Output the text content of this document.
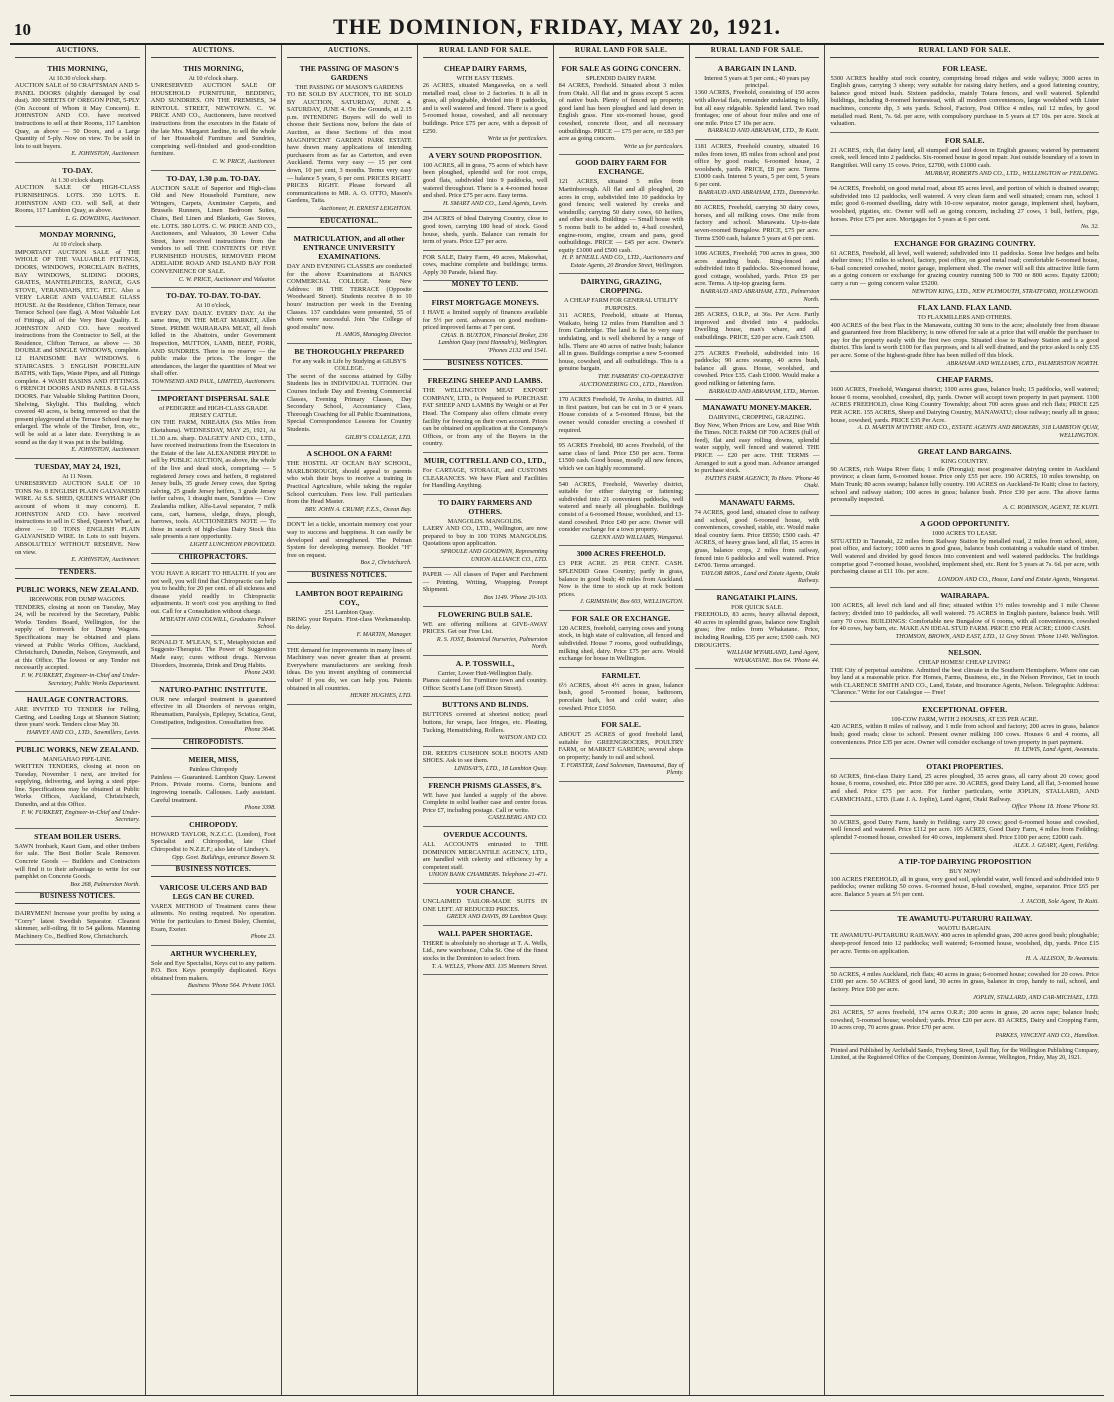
10	THE DOMINION, FRIDAY, MAY 20, 1921.
AUCTIONS.
THIS MORNING,
At 10.30 o'clock sharp.

AUCTION SALE of 50 CRAFTSMAN AND 5-PANEL DOORS (slightly damaged by coal dust). 300 SHEETS OF OREGON PINE, 5-PLY (On Account of Whom it May Concern). E. JOHNSTON AND CO. have received instructions to sell at their Rooms, 117 Lambton Quay, as above — 50 Doors, and a Large Quantity of 5-ply. Now on view. To be sold in lots to suit buyers.

E. JOHNSTON, Auctioneer.
TO-DAY.
At 1.30 o'clock sharp.

AUCTION SALE OF HIGH-CLASS FURNISHINGS. LOTS. 350 LOTS. E. JOHNSTON AND CO. will Sell, at their Rooms, 117 Lambton Quay, as above.

L. G. DOWDING, Auctioneer.
MONDAY MORNING,
At 10 o'clock sharp.

IMPORTANT AUCTION SALE of THE WHOLE OF THE VALUABLE FITTINGS, DOORS, WINDOWS, PORCELAIN BATHS, BAY WINDOWS, SLIDING DOORS, GRATES, MANTELPIECES, RANGE, GAS STOVE, VERANDAHS, ETC. ETC. Also a VERY LARGE AND VALUABLE GLASS HOUSE. At the Residence, Clifton Terrace, near Terrace School (see flag). A Most Valuable Lot of Fittings, all of the Very Best Quality. E. JOHNSTON AND CO. have received instructions from the Contractor to Sell, at the Residence, Clifton Terrace, as above — 30 DOUBLE and SINGLE WINDOWS, complete. 12 HANDSOME BAY WINDOWS. 6 STAIRCASES. 3 ENGLISH PORCELAIN BATHS, with Taps, Waste Pipes, and all Fittings complete. 4 WASH BASINS AND FITTINGS. 6 FRENCH DOORS AND PANELS. 8 GLASS DOORS. Fair Valuable Sliding Partition Doors, Shelving, Skylight. This Building, which covered 40 acres, is being removed so that the present playground at the Terrace School may be enlarged. The whole of the Timber, Iron, etc., will be sold at a later date. Everything is as sound as the day it was put in the building.

E. JOHNSTON, Auctioneer.
TUESDAY, MAY 24, 1921,
At 11 Noon.

UNRESERVED AUCTION SALE OF 10 TONS No. 8 ENGLISH PLAIN GALVANISED WIRE. At S.S. SHED, QUEEN'S WHARF (On account of whom it may concern). E. JOHNSTON AND CO. have received instructions to sell in C Shed, Queen's Wharf, as above — 10 TONS ENGLISH PLAIN GALVANISED WIRE. In Lots to suit buyers. ABSOLUTELY WITHOUT RESERVE. Now on view.

E. JOHNSTON, Auctioneer.
TENDERS.
PUBLIC WORKS, NEW ZEALAND.
IRONWORK FOR DUMP WAGONS.

TENDERS, closing at noon on Tuesday, May 24, will be received by the Secretary, Public Works Tenders Board, Wellington, for the supply of Ironwork for Dump Wagons. Specifications may be obtained and plans viewed at Public Works Offices, Auckland, Christchurch, Dunedin, Nelson, Greymouth, and at this Office. The lowest or any Tender not necessarily accepted.

F. W. FURKERT, Engineer-in-Chief and Under-Secretary, Public Works Department.
HAULAGE CONTRACTORS.

ARE INVITED TO TENDER for Felling, Carting, and Loading Logs at Shannon Station; three years' work. Tenders close May 30.

HARVEY AND CO., LTD., Sawmillers, Levin.
PUBLIC WORKS, NEW ZEALAND.
MANGAHAO PIPE-LINE.

WRITTEN TENDERS, closing at noon on Tuesday, November 1 next, are invited for supplying, delivering, and laying a steel pipe-line. Specifications may be obtained at Public Works Offices, Auckland, Christchurch, Dunedin, and at this Office.

F. W. FURKERT, Engineer-in-Chief and Under-Secretary.
STEAM BOILER USERS.

SAWN Ironbark, Kauri Gum, and other timbers for sale. The Best Boiler Scale Remover. Concrete Goods — Builders and Contractors will find it to their advantage to write for our pamphlet on Concrete Goods.

Box 268, Palmerston North.
BUSINESS NOTICES.

DAIRYMEN! Increase your profits by using a "Corry" latest Swedish Separator. Cleanest skimmer, self-oiling, fit to 54 gallons. Manning Machinery Co., Bedford Row, Christchurch.

AUCTIONS.
THIS MORNING,
At 10 o'clock sharp.

UNRESERVED AUCTION SALE OF HOUSEHOLD FURNITURE, BEDDING, AND SUNDRIES. ON THE PREMISES, 34 RINTOUL STREET, NEWTOWN. C. W. PRICE AND CO., Auctioneers, have received instructions from the executors in the Estate of the late Mrs. Margaret Jardine, to sell the whole of her Household Furniture and Sundries, comprising well-finished and good-condition furniture.

C. W. PRICE, Auctioneer.
TO-DAY, 1.30 p.m. TO-DAY.

AUCTION SALE of Superior and High-class Old and New Household Furniture, new Wringers, Carpets, Axminster Carpets, and Brussels Runners, Linen Bedroom Suites, Chairs, Bed Linen and Blankets, Gas Stoves, etc. LOTS. 380 LOTS. C. W. PRICE AND CO., Auctioneers, and Valuators, 30 Lower Cuba Street, have received instructions from the vendors to sell THE CONTENTS OF FIVE FURNISHED HOUSES, REMOVED FROM ADELAIDE ROAD AND ISLAND BAY FOR CONVENIENCE OF SALE.

C. W. PRICE, Auctioneer and Valuator.
TO-DAY. TO-DAY. TO-DAY.
At 10 o'clock,

EVERY DAY. DAILY. EVERY DAY. At the same time, IN THE MEAT MARKET, Allen Street. PRIME WAIRARAPA MEAT, all fresh killed in the Abattoirs, under Government Inspection, MUTTON, LAMB, BEEF, PORK, AND SUNDRIES. There is no reserve — the public make the prices. The longer the attendances, the larger the quantities of Meat we shall offer.

TOWNSEND AND PAUL, LIMITED, Auctioneers.
IMPORTANT DISPERSAL SALE
of PEDIGREE and HIGH-CLASS GRADE JERSEY CATTLE.

ON THE FARM, NIREAHA (Six Miles from Eketahuna). WEDNESDAY, MAY 25, 1921, At 11.30 a.m. sharp. DALGETY AND CO., LTD., have received instructions from the Executors in the Estate of the late ALEXANDER PRYDE to sell by PUBLIC AUCTION, as above, the whole of the live and dead stock, comprising — 5 registered Jersey cows and heifers, 8 registered Jersey bulls, 35 grade Jersey cows, due Spring calving, 25 grade Jersey heifers, 3 grade Jersey heifer calves, 1 draught mare, Sundries — Cow Zealandia milker, Alfa-Laval separator, 7 milk cans, cart, harness, sledge, drays, plough, harrows, tools. AUCTIONEER'S NOTE — To those in search of high-class Dairy Stock this sale presents a rare opportunity.

LIGHT LUNCHEON PROVIDED.
CHIROPRACTORS.

YOU HAVE A RIGHT TO HEALTH. If you are not well, you will find that Chiropractic can help you to health; for 20 per cent. of all sickness and disease yield readily to Chiropractic adjustments. It won't cost you anything to find out. Call for a Consultation without charge.

M'BEATH AND COLWILL, Graduates Palmer School.

RONALD T. M'LEAN, S.T., Metaphysician and Suggesto-Therapist. The Power of Suggestion Made easy; cures without drugs. Nervous Disorders, Insomnia, Drink and Drug Habits.

Phone 2430.
NATURO-PATHIC INSTITUTE.

OUR new enlarged treatment is guaranteed effective in all Disorders of nervous origin, Rheumatism, Paralysis, Epilepsy, Sciatica, Gout, Constipation, Indigestion. Consultation free.

Phone 3646.
CHIROPODISTS.
MEIER, MISS,
Painless Chiropody

Painless — Guaranteed. Lambton Quay. Lowest Prices. Private rooms. Corns, bunions and ingrowing toenails. Callouses. Lady assistant. Careful treatment.

Phone 3398.
CHIROPODY.

HOWARD TAYLOR, N.Z.C.C. (London), Foot Specialist and Chiropodist, late Chief Chiropodist to N.Z.E.F.; also late of Lindsey's.

Opp. Govt. Buildings, entrance Bowen St.
BUSINESS NOTICES.
VARICOSE ULCERS AND BAD LEGS CAN BE CURED.

VAREX METHOD of Treatment cures these ailments. No resting required. No operation. Write for particulars to Ernest Bisley, Chemist, Exam, Exeter.

Phone 23.
ARTHUR WYCHERLEY,

Sole and Eye Specialist, Keys cut to any pattern. P.O. Box Keys promptly duplicated. Keys obtained from makers.

Business 'Phone 564. Private 1063.
AUCTIONS.
THE PASSING OF MASON'S GARDENS
THE PASSING OF MASON'S GARDENS

TO BE SOLD BY AUCTION, TO BE SOLD BY AUCTION, SATURDAY, JUNE 4. SATURDAY, JUNE 4. On the Grounds, at 2.15 p.m. INTENDING Buyers will do well to choose their Sections now, before the date of Auction, as these Sections of this most MAGNIFICENT GARDEN PARK ESTATE have drawn many applications of intending purchasers from as far as Carterton, and even Auckland. Terms very easy — 15 per cent down, 10 per cent, 3 months. Terms very easy — balance 5 years, 6 per cent. PRICES RIGHT. PRICES RIGHT. Please forward all communications to MR. A. O. OTTO, Mason's Gardens, Taita.

Auctioneer, H. ERNEST LEIGHTON.
EDUCATIONAL.
MATRICULATION, and all other ENTRANCE UNIVERSITY EXAMINATIONS.

DAY AND EVENING CLASSES are conducted for the above Examinations at BANKS COMMERCIAL COLLEGE. Note New Address: 86 THE TERRACE (Opposite Woodward Street). Students receive 8 to 10 hours' instruction per week in the Evening Classes. 137 candidates were presented, 55 of whom were successful. Join "the College of good results" now.

H. AMOS, Managing Director.
BE THOROUGHLY PREPARED
For any walk in Life by Studying at GILBY'S COLLEGE.

The secret of the success attained by Gilby Students lies in INDIVIDUAL TUITION. Our Courses include Day and Evening Commercial Classes, Evening Primary Classes, Day Secondary School, Accountancy Class, Thorough Coaching for all Public Examinations, Special Correspondence Lessons for Country Students.

GILBY'S COLLEGE, LTD.
A SCHOOL ON A FARM!

THE HOSTEL AT OCEAN BAY SCHOOL, MARLBOROUGH, should appeal to parents who wish their boys to receive a training in Practical Agriculture, while taking the regular School curriculum. Fees low. Full particulars from the Head Master.

BRY. JOHN A. CRUMP, F.Z.S., Ocean Bay.

DON'T let a tickle, uncertain memory cost your way to success and happiness. It can easily be developed and strengthened. The Pelman System for developing memory. Booklet "H" free on request.

Box 2, Christchurch.
BUSINESS NOTICES.
LAMBTON BOOT REPAIRING COY.,
251 Lambton Quay.

BRING your Repairs. First-class Workmanship. No delay.

F. MARTIN, Manager.

THE demand for improvements in many lines of Machinery was never greater than at present. Everywhere manufacturers are seeking fresh ideas. Do you invent anything of commercial value? If you do, we can help you. Patents obtained in all countries.

HENRY HUGHES, LTD.
RURAL LAND FOR SALE.
CHEAP DAIRY FARMS,
WITH EASY TERMS.

26 ACRES, situated Mangaweka, on a well metalled road, close to 2 factories. It is all in grass, all ploughable, divided into 8 paddocks, and is well watered and fenced. There is a good 5-roomed house, cowshed, and all necessary buildings. Price £75 per acre, with a deposit of £250.

Write us for particulars.
A VERY SOUND PROPOSITION.

100 ACRES, all in grass, 75 acres of which have been ploughed, splendid soil for root crops, good flats, subdivided into 9 paddocks, well watered throughout. There is a 4-roomed house and shed. Price £75 per acre. Easy terms.

H. SMART AND CO., Land Agents, Levin.

204 ACRES of Ideal Dairying Country, close to good town, carrying 180 head of stock. Good house, sheds, yards. Balance can remain for term of years. Price £27 per acre.

FOR SALE, Dairy Farm, 49 acres, Makowhai, cows, machine complete and buildings; terms. Apply 30 Parade, Island Bay.

MONEY TO LEND.
FIRST MORTGAGE MONEYS.

I HAVE a limited supply of finances available for 5½ per cent. advances on good medium-priced improved farms at 7 per cent.

CHAS. B. BUXTON, Financial Broker, 236 Lambton Quay (next Hannah's), Wellington. 'Phones 2132 and 1541.
BUSINESS NOTICES.
FREEZING SHEEP AND LAMBS.

THE WELLINGTON MEAT EXPORT COMPANY, LTD., is Prepared to PURCHASE FAT SHEEP AND LAMBS By Weight or at Per Head. The Company also offers climate every facility for freezing on their own account. Prices can be obtained on application at the Company's Offices, or from any of the Buyers in the country.

MUIR, COTTRELL AND CO., LTD.,

For CARTAGE, STORAGE, and CUSTOMS CLEARANCES. We have Plant and Facilities for Handling Anything.

TO DAIRY FARMERS AND OTHERS.
MANGOLDS. MANGOLDS.

LAERY AND CO., LTD., Wellington, are now prepared to buy in 100 TONS MANGOLDS. Quotations upon application.

SPROULE AND GOODWIN, Representing UNION ALLIANCE CO., LTD.

PAPER — All classes of Paper and Parchment — Printing, Writing, Wrapping. Prompt Shipment.

Box 1149. 'Phone 20-103.
FLOWERING BULB SALE.

WE are offering millions at GIVE-AWAY PRICES. Get our Free List.

R. S. JOST, Botanical Nurseries, Palmerston North.
A. P. TOSSWILL,
Carrier, Lower Hutt-Wellington Daily.

Pianos catered for. Furniture town and country. Office: Scott's Lane (off Dixon Street).

BUTTONS AND BLINDS.

BUTTONS covered at shortest notice; pearl buttons, fur wraps, lace fringes, etc. Pleating, Tucking, Hemstitching, Rollers.

WATSON AND CO.

DR. REED'S CUSHION SOLE BOOTS AND SHOES. Ask to see them.

LINDSAY'S, LTD., 18 Lambton Quay.
FRENCH PRISMS GLASSES, 8's.

WE have just landed a supply of the above. Complete in solid leather case and centre focus. Price £7, including postage. Call or write.

CASELBERG AND CO.
OVERDUE ACCOUNTS.

ALL ACCOUNTS entrusted to THE DOMINION MERCANTILE AGENCY, LTD., are handled with celerity and efficiency by a competent staff.

UNION BANK CHAMBERS. Telephone 21-471.
YOUR CHANCE.

UNCLAIMED TAILOR-MADE SUITS IN ONE LEFT. AT REDUCED PRICES.

GREEN AND DAVIS, 89 Lambton Quay.
WALL PAPER SHORTAGE.

THERE is absolutely no shortage at T. A. Wells, Ltd., new warehouse, Cuba St. One of the finest stocks in the Dominion to select from.

T. A. WELLS, 'Phone 883. 135 Manners Street.
RURAL LAND FOR SALE.
FOR SALE AS GOING CONCERN.
SPLENDID DAIRY FARM.

84 ACRES, Freehold. Situated about 3 miles from Otaki. All flat and in grass except 5 acres of native bush. Plenty of fenced up property; good land has been ploughed and laid down in English grass. Fine six-roomed house, good cowshed, concrete floor, and all necessary outbuildings. PRICE — £75 per acre, or £83 per acre as going concern.

Write us for particulars.
GOOD DAIRY FARM FOR EXCHANGE.

121 ACRES, situated 5 miles from Martinborough. All flat and all ploughed, 20 acres in crop, subdivided into 10 paddocks by good fences; well watered by creeks and windmills; carrying 50 dairy cows, 60 heifers, and other stock. Buildings — Small house with 5 rooms built to be added to, 4-bail cowshed, engine-room, engine, cream and pans, good outbuildings. PRICE — £45 per acre. Owner's equity £1000 and £500 cash.

H. P. M'NEILL AND CO., LTD., Auctioneers and Estate Agents, 20 Brandon Street, Wellington.
DAIRYING, GRAZING, CROPPING.
A CHEAP FARM FOR GENERAL UTILITY PURPOSES.

311 ACRES, Freehold, situate at Hunua, Waikato, being 12 miles from Hamilton and 3 from Cambridge. The land is flat to very easy undulating, and is well sheltered by a range of hills. There are 40 acres of native bush; balance all in grass. Buildings comprise a new 5-roomed house, cowshed, and all outbuildings. This is a genuine bargain.

THE FARMERS' CO-OPERATIVE AUCTIONEERING CO., LTD., Hamilton.

170 ACRES Freehold, Te Aroha, in district. All in first pasture, but can be cut in 3 or 4 years. House consists of a 5-roomed House, but the owner would consider erecting a cowshed if required.

95 ACRES Freehold, 80 acres Freehold, of the same class of land. Price £50 per acre. Terms £1500 cash. Good house, mostly all new fences, which we can highly recommend.

540 ACRES, Freehold, Waverley district, suitable for either dairying or fattening; subdivided into 21 convenient paddocks, well watered and nearly all ploughable. Buildings consist of a 6-roomed House, woolshed, and 13-stand cowshed. Price £40 per acre. Owner will consider exchange for a town property.

GLENN AND WILLIAMS, Wanganui.
3000 ACRES FREEHOLD.

£3 PER ACRE. 25 PER CENT. CASH. SPLENDID Grass Country; partly in grass, balance in good bush; 40 miles from Auckland. Now is the time to stock up at rock bottom prices.

J. GRIMSHAW, Box 603, WELLINGTON.
FOR SALE OR EXCHANGE.

120 ACRES, freehold, carrying cows and young stock, in high state of cultivation, all fenced and subdivided. House 7 rooms, good outbuildings, milking shed, dairy. Price £75 per acre. Would exchange for house in Wellington.

FARMLET.

6½ ACRES, about 4½ acres in grass, balance bush, good 5-roomed house, bathroom, porcelain bath, hot and cold water; also cowshed. Price £1050.

FOR SALE.

ABOUT 25 ACRES of good freehold land, suitable for GREENGROCERS, POULTRY FARM, or MARKET GARDEN; several shops on property; handy to rail and school.

T. FORSTER, Land Salesman, Taumaunui, Bay of Plenty.
RURAL LAND FOR SALE.
A BARGAIN IN LAND.
Interest 5 years at 5 per cent.; 40 years pay principal.

1360 ACRES, Freehold, consisting of 150 acres with alluvial flats, remainder undulating to hilly, but all easy ridgeable. Splendid land. Two road frontages; one of about four miles and one of one mile. Price £7 10s per acre.

BARRAUD AND ABRAHAM, LTD., Te Kuiti.

1181 ACRES, Freehold country, situated 16 miles from town, 85 miles from school and post office by good roads; 6-roomed house, 2 woolsheds, yards. PRICE, £8 per acre. Terms £1000 cash. Interest 5 years, 5 per cent, 5 years 6 per cent.

BARRAUD AND ABRAHAM, LTD., Dannevirke.

80 ACRES, Freehold, carrying 30 dairy cows, horses, and all milking cows. One mile from factory and school. Manawatu. Up-to-date seven-roomed Bungalow. PRICE, £75 per acre. Terms £500 cash, balance 5 years at 6 per cent.

1096 ACRES, Freehold; 700 acres in grass, 300 acres standing bush. Ring-fenced and subdivided into 8 paddocks. Six-roomed house, good cottage, woolshed, yards. Price £9 per acre. Terms. A tip-top grazing farm.

BARRAUD AND ABRAHAM, LTD., Palmerston North.

285 ACRES, O.R.P., at 36s. Per Acre. Partly improved and divided into 4 paddocks. Dwelling house, man's whare, and all outbuildings. PRICE, £20 per acre. Cash £500.

275 ACRES Freehold, subdivided into 16 paddocks; 90 acres swamp, 40 acres bush, balance all grass. House, woolshed, and cowshed. Price £35. Cash £1000. Would make a good milking or fattening farm.

BARRAUD AND ABRAHAM, LTD., Marton.
MANAWATU MONEY-MAKER.
DAIRYING, CROPPING, GRAZING.

Buy Now, When Prices are Low, and Rise With the Times. NICE FARM OF 700 ACRES (full of feed), flat and easy rolling downs, splendid water supply, well fenced and watered. THE PRICE — £20 per acre. THE TERMS — Arranged to suit a good man. Advance arranged to purchase stock.

FAITH'S FARM AGENCY, To Horo. 'Phone 46 Otaki.
MANAWATU FARMS.

74 ACRES, good land, situated close to railway and school, good 6-roomed house, with conveniences, cowshed, stable, etc. Would make ideal country farm. Price £8550; £500 cash. 47 ACRES, of heavy grass land, all flat, 15 acres in grass, balance crops, 2 miles from railway, fenced into 6 paddocks and well watered. Price £4700. Terms arranged.

TAYLOR BROS., Land and Estate Agents, Otaki Railway.
RANGATAIKI PLAINS.
FOR QUICK SALE.

FREEHOLD, 83 acres, heavy alluvial deposit, 40 acres in splendid grass, balance now English grass; five miles from Whakatane. Price, including Roading, £35 per acre; £500 cash. NO DROUGHTS.

WILLIAM M'FARLAND, Land Agent, WHAKATANE. Box 64. 'Phone 44.
RURAL LAND FOR SALE.
FOR LEASE.

5300 ACRES healthy stud rock country, comprising broad ridges and wide valleys; 3000 acres in English grass, carrying 3 sheep; very suitable for raising dairy heifers, and a good fattening country, balance good mixed bush. Sixteen paddocks, mainly Totara fences, and well watered. Splendid buildings, including 8-roomed homestead, with all modern conveniences, large woolshed with Lister machines, concrete dip, 3 sets yards. School, Factory, Post Office 4 miles, rail 12 miles, by good metalled road. Rent, 7s. 6d. per acre, with compulsory purchase in 5 years at £7 10s. per acre. Stock at valuation.

FOR SALE.

21 ACRES, rich, flat dairy land, all stumped and laid down in English grasses; watered by permanent creek, well fenced into 2 paddocks. Six-roomed house in good repair. Just outside boundary of a town in Rangitikei. Will carry 15 cows. Price, £2700, with £1000 cash.

MURRAY, ROBERTS AND CO., LTD., WELLINGTON or FEILDING.

94 ACRES, Freehold, on good metal road, about 85 acres level, and portion of which is drained swamp; subdivided into 12 paddocks, well watered. A very clean farm and well situated; cream run, school 1 mile; good 6-roomed dwelling, dairy with 10-cow separator, motor garage, implement shed, haybarn, woolshed, pigsties, etc. Owner will sell as going concern, including 27 cows, 1 bull, heifers, pigs, horses. Price £75 per acre. Mortgages for 5 years at 6 per cent.

No. 32.
EXCHANGE FOR GRAZING COUNTRY.

61 ACRES, Freehold, all level, well watered; subdivided into 11 paddocks. Some live hedges and belts shelter trees; 1½ miles to school, factory, post office, on good metal road; comfortable 6-roomed house, 6-bail concreted cowshed, motor garage, implement shed. The owner will sell this attractive little farm as a going concern or exchange for grazing country running 500 to 700 or 800 acres. Equity £2000; carry a run — going concern value £5200.

NEWTON KING, LTD., NEW PLYMOUTH, STRATFORD, HOLLEWOOD.
FLAX LAND. FLAX LAND.
TO FLAXMILLERS AND OTHERS.

400 ACRES of the best Flax in the Manawatu, cutting 30 tons to the acre; absolutely free from disease and guaranteed free from Blackberry; is now offered for sale at a price that will enable the purchaser to pay for the property easily with the first two crops. Situated close to Railway Station and is a good district. This land is worth £100 for flax purposes, and is all well drained, and the price asked is only £35 per acre. Some of the highest-grade fibre has been milled off this block.

ABRAHAM AND WILLIAMS, LTD., PALMERSTON NORTH.
CHEAP FARMS.

1600 ACRES, Freehold, Wanganui district; 1100 acres grass, balance bush; 15 paddocks, well watered; house 6 rooms, woolshed, cowshed, dip, yards. Owner will accept town property in part payment. 1100 ACRES FREEHOLD, close King Country Township; about 700 acres grass and rich flats; PRICE £25 PER ACRE. 155 ACRES, Sheep and Dairying Country, MANAWATU; close railway; nearly all in grass; house, cowshed, yards. PRICE £35 Per Acre.

A. D. MARTIN M'INTYRE AND CO., ESTATE AGENTS AND BROKERS, 318 LAMBTON QUAY, WELLINGTON.
GREAT LAND BARGAINS.
KING COUNTRY.

90 ACRES, rich Waipa River flats; 1 mile (Pirongia); most progressive dairying centre in Auckland province; a clean farm, 6-roomed house. Price only £55 per acre. 190 ACRES, 10 miles township, on Main Trunk; 80 acres swamp; balance hilly country. 190 ACRES on Auckland-Te Kuiti; close to factory, school and railway station; 100 acres in grass; balance bush. Price £30 per acre. The above farms personally inspected.

A. C. ROBINSON, AGENT, TE KUITI.
A GOOD OPPORTUNITY.
1000 ACRES TO LEASE.

SITUATED in Taranaki, 22 miles from Railway Station by metalled road, 2 miles from school, store, post office, and factory; 1000 acres in good grass, balance bush containing a valuable stand of timber. Well watered and divided by good fences into convenient and well watered paddocks. The buildings comprise good 7-roomed house, woolshed, implement shed, etc. Rent for 5 years at 7s. 6d. per acre, with purchasing clause at £11 10s. per acre.

LONDON AND CO., House, Land and Estate Agents, Wanganui.
WAIRARAPA.

100 ACRES, all level rich land and all fine; situated within 1½ miles township and 1 mile Cheese factory; divided into 10 paddocks, all well watered. 75 ACRES in English pasture, balance bush. Will carry 70 cows. BUILDINGS: Comfortable new Bungalow of 6 rooms, with all conveniences, cowshed for 40 cows, hay barn, etc. MAKE AN IDEAL STUD FARM. PRICE £50 PER ACRE; £1000 CASH.

THOMSON, BROWN, AND EAST, LTD., 11 Grey Street. 'Phone 1140. Wellington.
NELSON.
CHEAP HOMES! CHEAP LIVING!

THE City of perpetual sunshine. Admitted the best climate in the Southern Hemisphere. Where one can buy land at a reasonable price. For Homes, Farms, Business, etc., in the Nelson Province, Get in touch with CLARENCE SMITH AND CO., Land, Estate, and Insurance Agents, Nelson. Telegraphic Address: "Clarence." Write for our Catalogue — Free!

EXCEPTIONAL OFFER.
100-COW FARM, WITH 2 HOUSES, AT £35 PER ACRE.

420 ACRES, within 8 miles of railway, and 1 mile from school and factory; 200 acres in grass, balance bush; good roads; close to school. Present owner milking 100 cows. Houses 6 and 4 rooms, all conveniences. Price £35 per acre. Owner will consider exchange of town property in part payment.

H. LEWIS, Land Agent, Awamutu.
OTAKI PROPERTIES.

60 ACRES, first-class Dairy Land, 25 acres ploughed, 35 acres grass, all carry about 20 cows; good house, 6 rooms, cowshed, etc. Price £80 per acre. 30 ACRES, good Dairy Land, all flat, 3-roomed house and shed. Price £75 per acre. For further particulars, write JOPLIN, STALLARD, AND CARMICHAEL, LTD. (Late J. A. Joplin), Land Agent, Otaki Railway.

Office 'Phone 18. Home 'Phone 93.

30 ACRES, good Dairy Farm, handy to Feilding; carry 20 cows; good 6-roomed house and cowshed, well fenced and watered. Price £112 per acre. 105 ACRES, Good Dairy Farm, 4 miles from Feilding; splendid 7-roomed house, cowshed for 40 cows, implement shed. Price £100 per acre; £2000 cash.

ALEX. J. GEARY, Agent, Feilding.
A TIP-TOP DAIRYING PROPOSITION
BUY NOW!

100 ACRES FREEHOLD, all in grass, very good soil, splendid water, well fenced and subdivided into 9 paddocks; owner milking 50 cows. 6-roomed house, 8-bail cowshed, engine, separator. Price £65 per acre. Balance 5 years at 5½ per cent.

J. JACOB, Sole Agent, Te Kuiti.
TE AWAMUTU-PUTARURU RAILWAY.
WAOTU BARGAIN.

TE AWAMUTU-PUTARURU RAILWAY. 400 acres in splendid grass, 200 acres good bush; ploughable; sheep-proof fenced into 12 paddocks; well watered; 6-roomed house, woolshed, dip, yards. Price £15 per acre. Terms on application.

H. A. ALLISON, Te Awamutu.

50 ACRES, 4 miles Auckland, rich flats; 40 acres in grass; 6-roomed house; cowshed for 20 cows. Price £100 per acre. 50 ACRES of good land, 30 acres in grass, balance in crop, handy to rail, school, and factory. Price £60 per acre.

JOPLIN, STALLARD, AND CAR-MICHAEL, LTD.

261 ACRES, 57 acres freehold, 174 acres O.R.P.; 200 acres in grass, 20 acres rape; balance bush; cowshed, 5-roomed house; woolshed; yards. Price £20 per acre. 83 ACRES, Dairy and Cropping Farm, 10 acres crop, 70 acres grass. Price £70 per acre.

PARKES, VINCENT AND CO., Hamilton.
Printed and Published by Archibald Sando, Freyberg Street, Lyall Bay, for the Wellington Publishing Company, Limited, at the Registered Office of the Company, Dominion Avenue, Wellington, Friday, May 20, 1921.
